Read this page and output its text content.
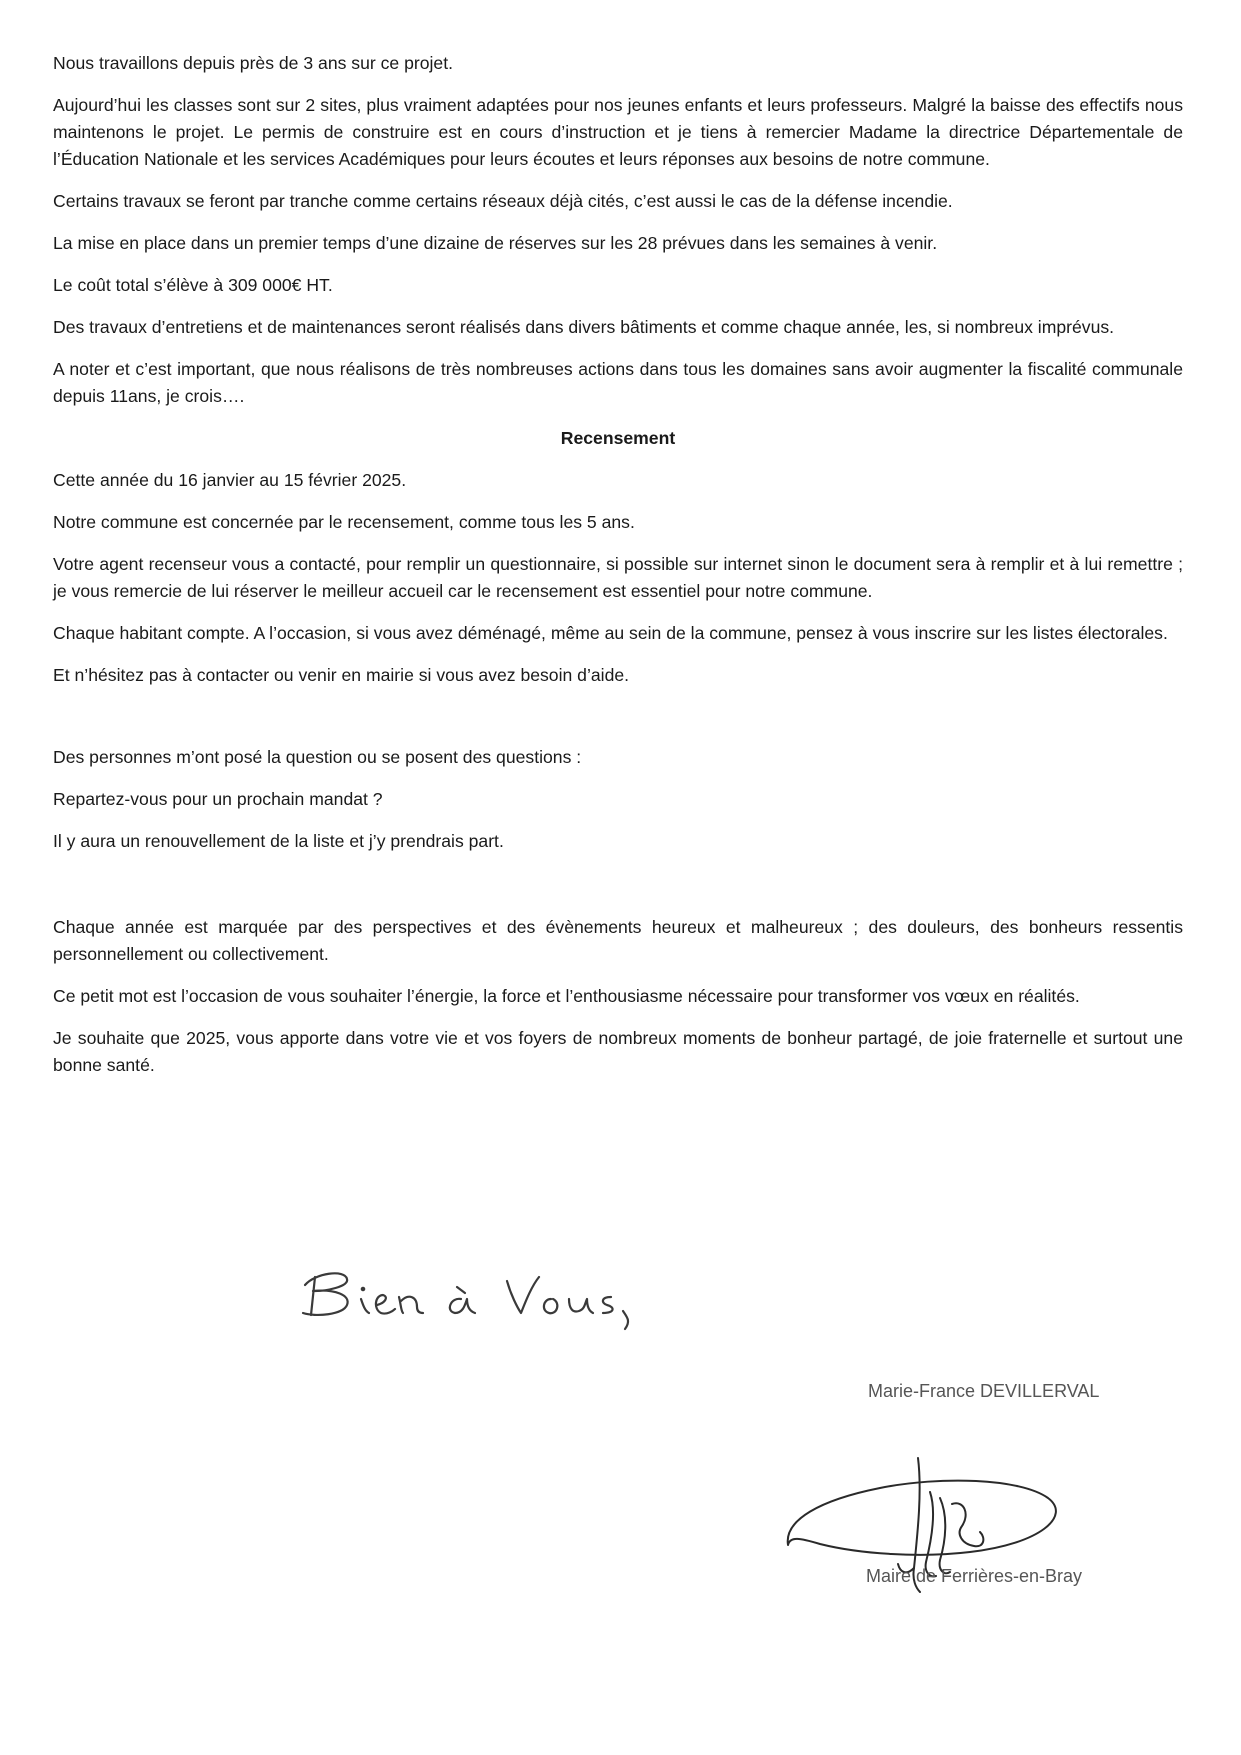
Nous travaillons depuis près de 3 ans sur ce projet.

Aujourd’hui les classes sont sur 2 sites, plus vraiment adaptées pour nos jeunes enfants et leurs professeurs. Malgré la baisse des effectifs nous maintenons le projet. Le permis de construire est en cours d’instruction et je tiens à remercier Madame la directrice Départementale de l’Éducation Nationale et les services Académiques pour leurs écoutes et leurs réponses aux besoins de notre commune.

Certains travaux se feront par tranche comme certains réseaux déjà cités, c’est aussi le cas de la défense incendie.

La mise en place dans un premier temps d’une dizaine de réserves sur les 28 prévues dans les semaines à venir.

Le coût total s’élève à 309 000€ HT.

Des travaux d’entretiens et de maintenances seront réalisés dans divers bâtiments et comme chaque année, les, si nombreux imprévus.

A noter et c’est important, que nous réalisons de très nombreuses actions dans tous les domaines sans avoir augmenter la fiscalité communale depuis 11ans, je crois….

Recensement

Cette année du 16 janvier au 15 février 2025.

Notre commune est concernée par le recensement, comme tous les 5 ans.

Votre agent recenseur vous a contacté, pour remplir un questionnaire, si possible sur internet sinon le document sera à remplir et à lui remettre ; je vous remercie de lui réserver le meilleur accueil car le recensement est essentiel pour notre commune.

Chaque habitant compte. A l’occasion, si vous avez déménagé, même au sein de la commune, pensez à vous inscrire sur les listes électorales.

Et n’hésitez pas à contacter ou venir en mairie si vous avez besoin d’aide.

Des personnes m’ont posé la question ou se posent des questions :

Repartez-vous pour un prochain mandat ?

Il y aura un renouvellement de la liste et j’y prendrais part.

Chaque année est marquée par des perspectives et des évènements heureux et malheureux ; des douleurs, des bonheurs ressentis personnellement ou collectivement.

Ce petit mot est l’occasion de vous souhaiter l’énergie, la force et l’enthousiasme nécessaire pour transformer vos vœux en réalités.

Je souhaite que 2025, vous apporte dans votre vie et vos foyers de nombreux moments de bonheur partagé, de joie fraternelle et surtout une bonne santé.

Marie-France DEVILLERVAL
Maire de Ferrières-en-Bray
